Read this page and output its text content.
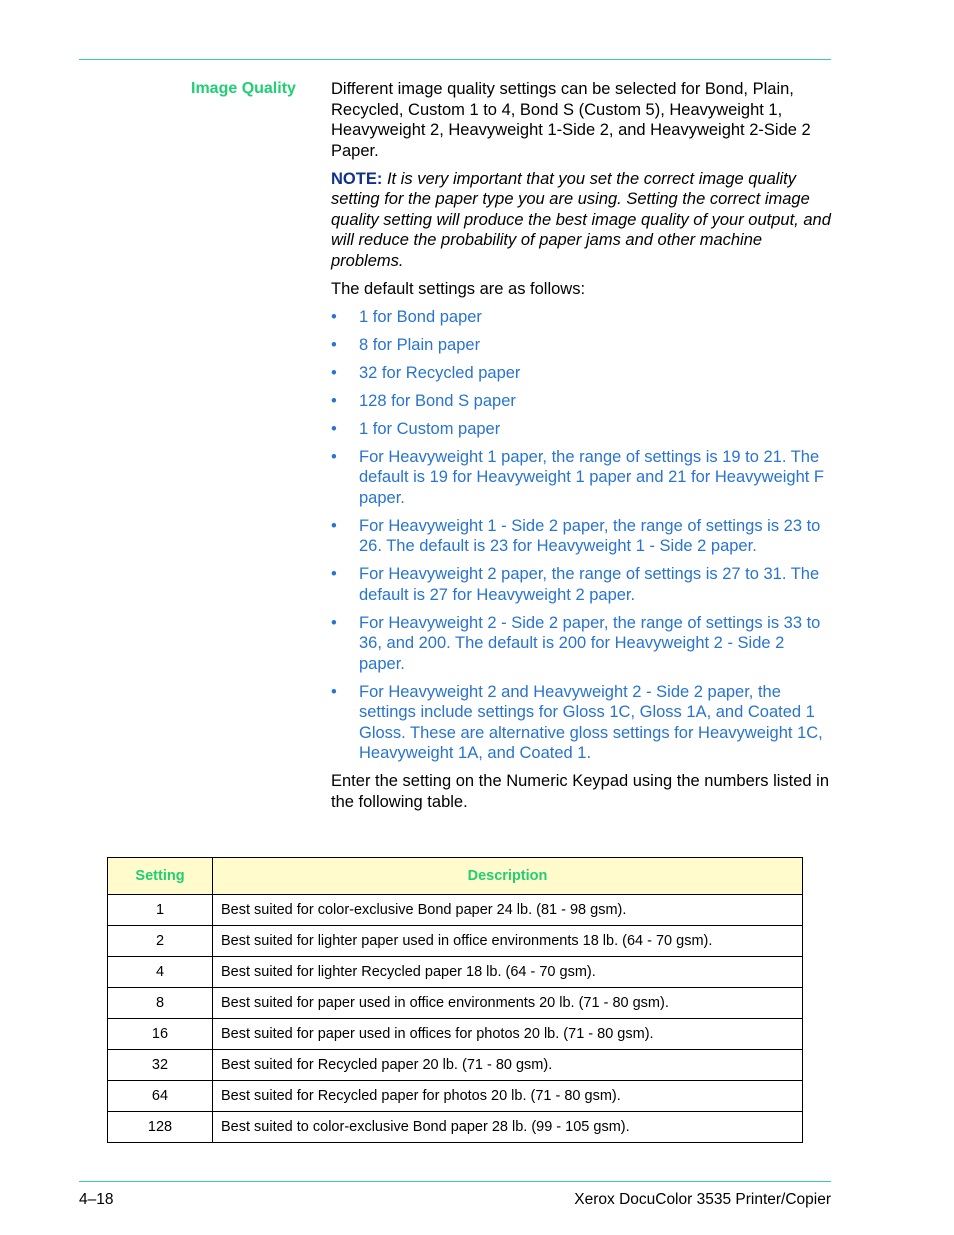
Image Quality Different image quality settings can be selected for Bond, Plain, Recycled, Custom 1 to 4, Bond S (Custom 5), Heavyweight 1, Heavyweight 2, Heavyweight 1-Side 2, and Heavyweight 2-Side 2 Paper.

NOTE: It is very important that you set the correct image quality setting for the paper type you are using. Setting the correct image quality setting will produce the best image quality of your output, and will reduce the probability of paper jams and other machine problems.

The default settings are as follows:

• 1 for Bond paper
• 8 for Plain paper
• 32 for Recycled paper
• 128 for Bond S paper
• 1 for Custom paper
• For Heavyweight 1 paper, the range of settings is 19 to 21. The default is 19 for Heavyweight 1 paper and 21 for Heavyweight F paper.
• For Heavyweight 1 - Side 2 paper, the range of settings is 23 to 26. The default is 23 for Heavyweight 1 - Side 2 paper.
• For Heavyweight 2 paper, the range of settings is 27 to 31. The default is 27 for Heavyweight 2 paper.
• For Heavyweight 2 - Side 2 paper, the range of settings is 33 to 36, and 200. The default is 200 for Heavyweight 2 - Side 2 paper.
• For Heavyweight 2 and Heavyweight 2 - Side 2 paper, the settings include settings for Gloss 1C, Gloss 1A, and Coated 1 Gloss. These are alternative gloss settings for Heavyweight 1C, Heavyweight 1A, and Coated 1.

Enter the setting on the Numeric Keypad using the numbers listed in the following table.

Setting	Description
1	Best suited for color-exclusive Bond paper 24 lb. (81 - 98 gsm).
2	Best suited for lighter paper used in office environments 18 lb. (64 - 70 gsm).
4	Best suited for lighter Recycled paper 18 lb. (64 - 70 gsm).
8	Best suited for paper used in office environments 20 lb. (71 - 80 gsm).
16	Best suited for paper used in offices for photos 20 lb. (71 - 80 gsm).
32	Best suited for Recycled paper 20 lb. (71 - 80 gsm).
64	Best suited for Recycled paper for photos 20 lb. (71 - 80 gsm).
128	Best suited to color-exclusive Bond paper 28 lb. (99 - 105 gsm).
4–18	Xerox DocuColor 3535 Printer/Copier
